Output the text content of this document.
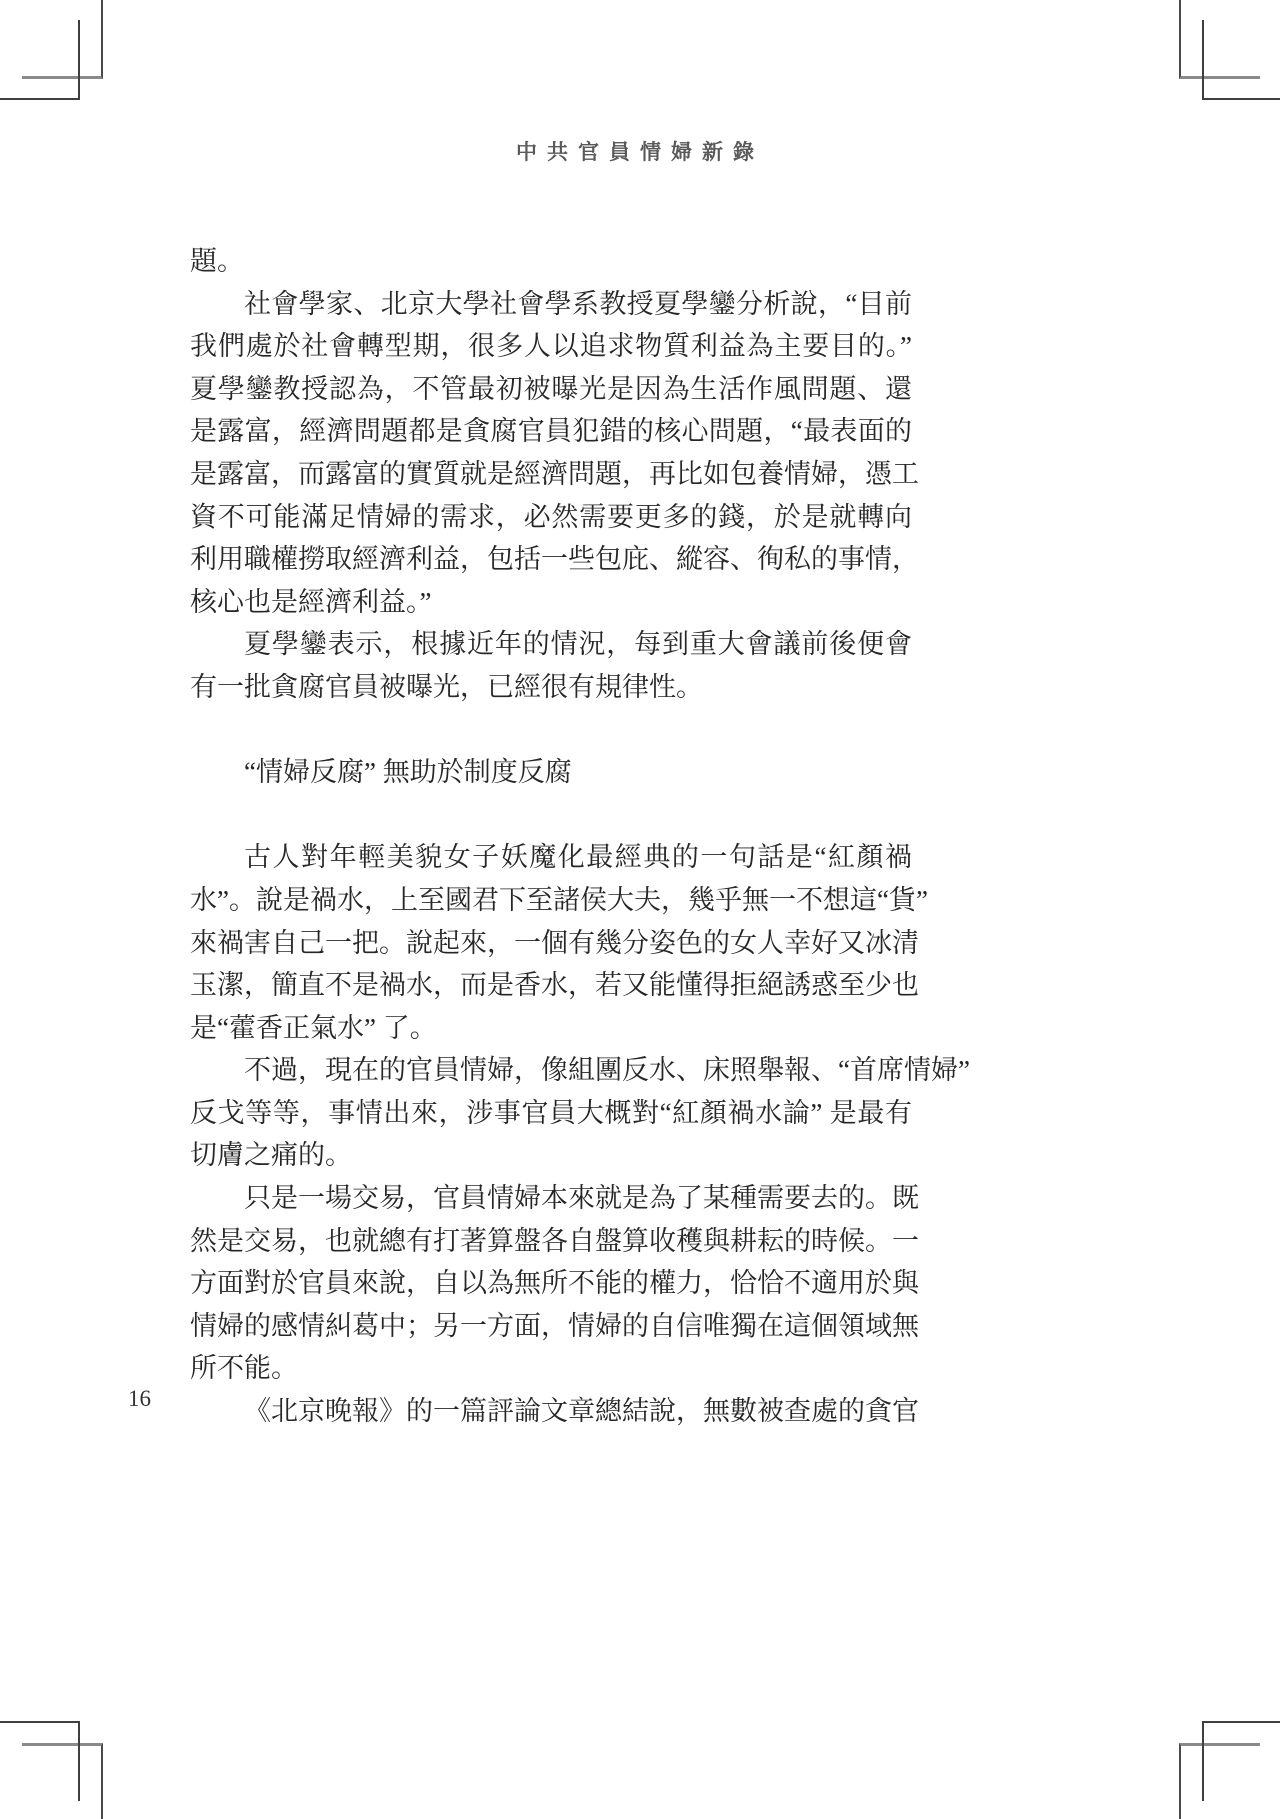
中共官員情婦新錄
題。
社會學家、北京大學社會學系教授夏學鑾分析說，“目前
我們處於社會轉型期，很多人以追求物質利益為主要目的。”
夏學鑾教授認為，不管最初被曝光是因為生活作風問題、還
是露富，經濟問題都是貪腐官員犯錯的核心問題，“最表面的
是露富，而露富的實質就是經濟問題，再比如包養情婦，憑工
資不可能滿足情婦的需求，必然需要更多的錢，於是就轉向
利用職權撈取經濟利益，包括一些包庇、縱容、徇私的事情，
核心也是經濟利益。”
夏學鑾表示，根據近年的情況，每到重大會議前後便會
有一批貪腐官員被曝光，已經很有規律性。
“情婦反腐” 無助於制度反腐
古人對年輕美貌女子妖魔化最經典的一句話是“紅顏禍
水”。說是禍水，上至國君下至諸侯大夫，幾乎無一不想這“貨”
來禍害自己一把。說起來，一個有幾分姿色的女人幸好又冰清
玉潔，簡直不是禍水，而是香水，若又能懂得拒絕誘惑至少也
是“藿香正氣水” 了。
不過，現在的官員情婦，像組團反水、床照舉報、“首席情婦”
反戈等等，事情出來，涉事官員大概對“紅顏禍水論” 是最有
切膚之痛的。
只是一場交易，官員情婦本來就是為了某種需要去的。既
然是交易，也就總有打著算盤各自盤算收穫與耕耘的時候。一
方面對於官員來說，自以為無所不能的權力，恰恰不適用於與
情婦的感情糾葛中；另一方面，情婦的自信唯獨在這個領域無
所不能。
《北京晚報》的一篇評論文章總結說，無數被查處的貪官
16
